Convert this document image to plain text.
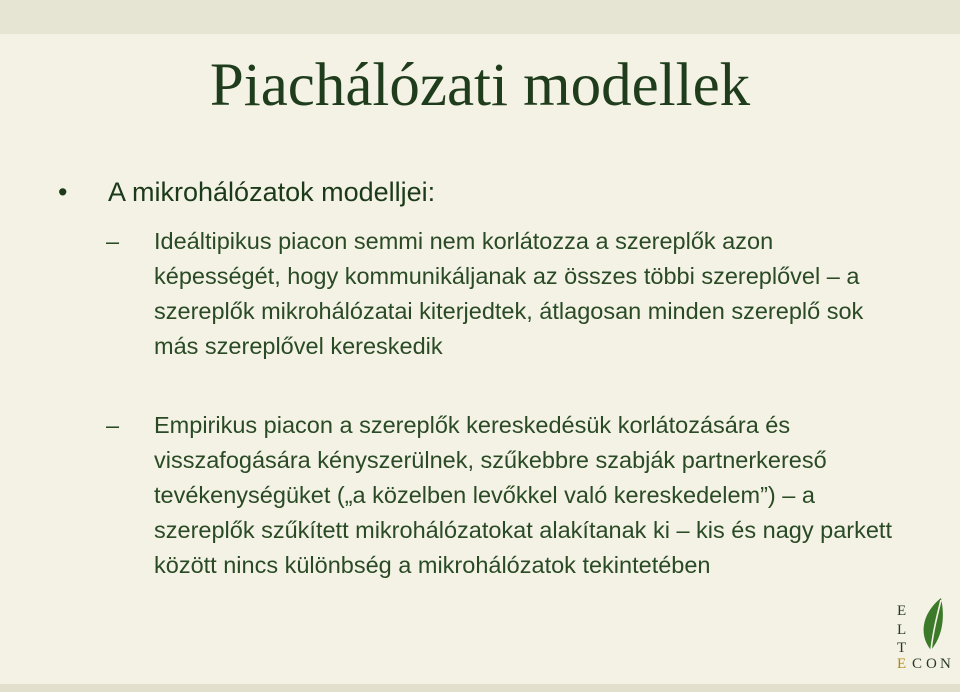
Piachálózati modellek
• A mikrohálózatok modelljei:
–	Ideáltipikus piacon semmi nem korlátozza a szereplők azon képességét, hogy kommunikáljanak az összes többi szereplővel – a szereplők mikrohálózatai kiterjedtek, átlagosan minden szereplő sok más szereplővel kereskedik
–	Empirikus piacon a szereplők kereskedésük korlátozására és visszafogására kényszerülnek, szűkebbre szabják partnerkereső tevékenységüket („a közelben levőkkel való kereskedelem”) – a szereplők szűkített mikrohálózatokat alakítanak ki – kis és nagy parkett között nincs különbség a mikrohálózatok tekintetében
E
L
T
E C O N
